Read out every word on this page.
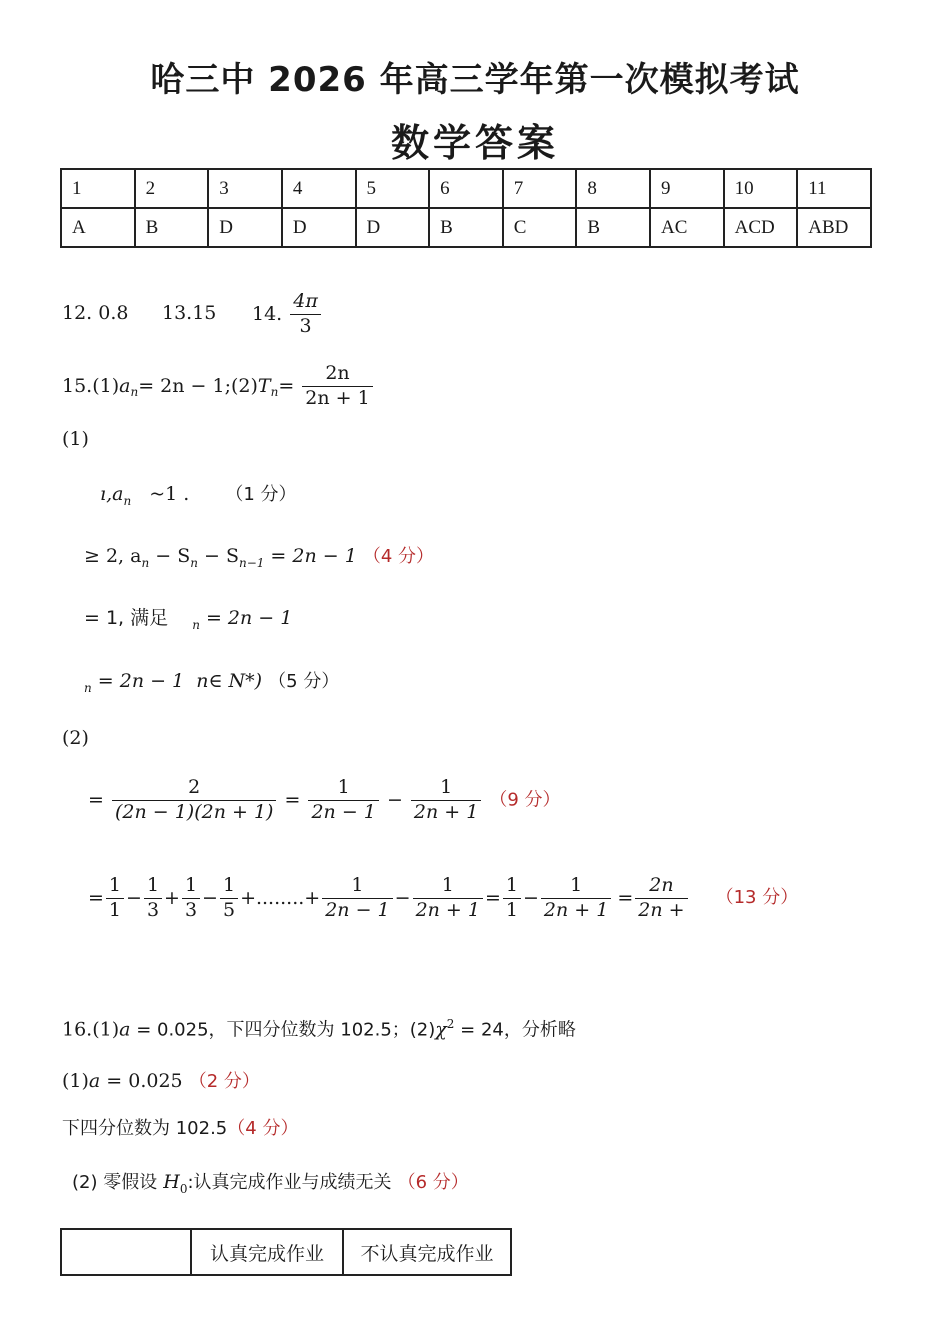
哈三中 2026 年高三学年第一次模拟考试
数学答案
1	2	3	4	5	6	7	8	9	10	11
A	B	D	D	D	B	C	B	AC	ACD	ABD
12. 0.8 13.15 14. $\frac{4\pi}{3}$
$15.(1)a_n= 2n$ − $1;(2)T_n= \frac{2n}{2n + 1}$
(1)
$ı,a_n$ ~1 . （1 分）
≥ 2, $a_n - S_n - S_{n-1} = 2n - 1$ （4 分）
= 1, 满足 $_n$ = 2n − 1
$_n$ = 2n − 1 n∈ N*) （5 分）
(2)
= $\frac{2}{(2n - 1)(2n + 1)} = \frac{1}{2n - 1} - \frac{1}{2n + 1} (9$ 分）
= $\frac{1}{1} - \frac{1}{3} + \frac{1}{3} - \frac{1}{5}$ +........+ $\frac{1}{2n - 1} - \frac{1}{2n + 1} = \frac{1}{1} - \frac{1}{2n + 1} = \frac{2n}{2n +} (13$ 分）
16.(1)a = 0.025，下四分位数为 102.5；$(2)\chi^2 = 24$，分析略
(1)a = 0.025 （2 分）
下四分位数为 102.5（4 分）
(2) 零假设 $H_0$:认真完成作业与成绩无关 （6 分）
	认真完成作业	不认真完成作业
